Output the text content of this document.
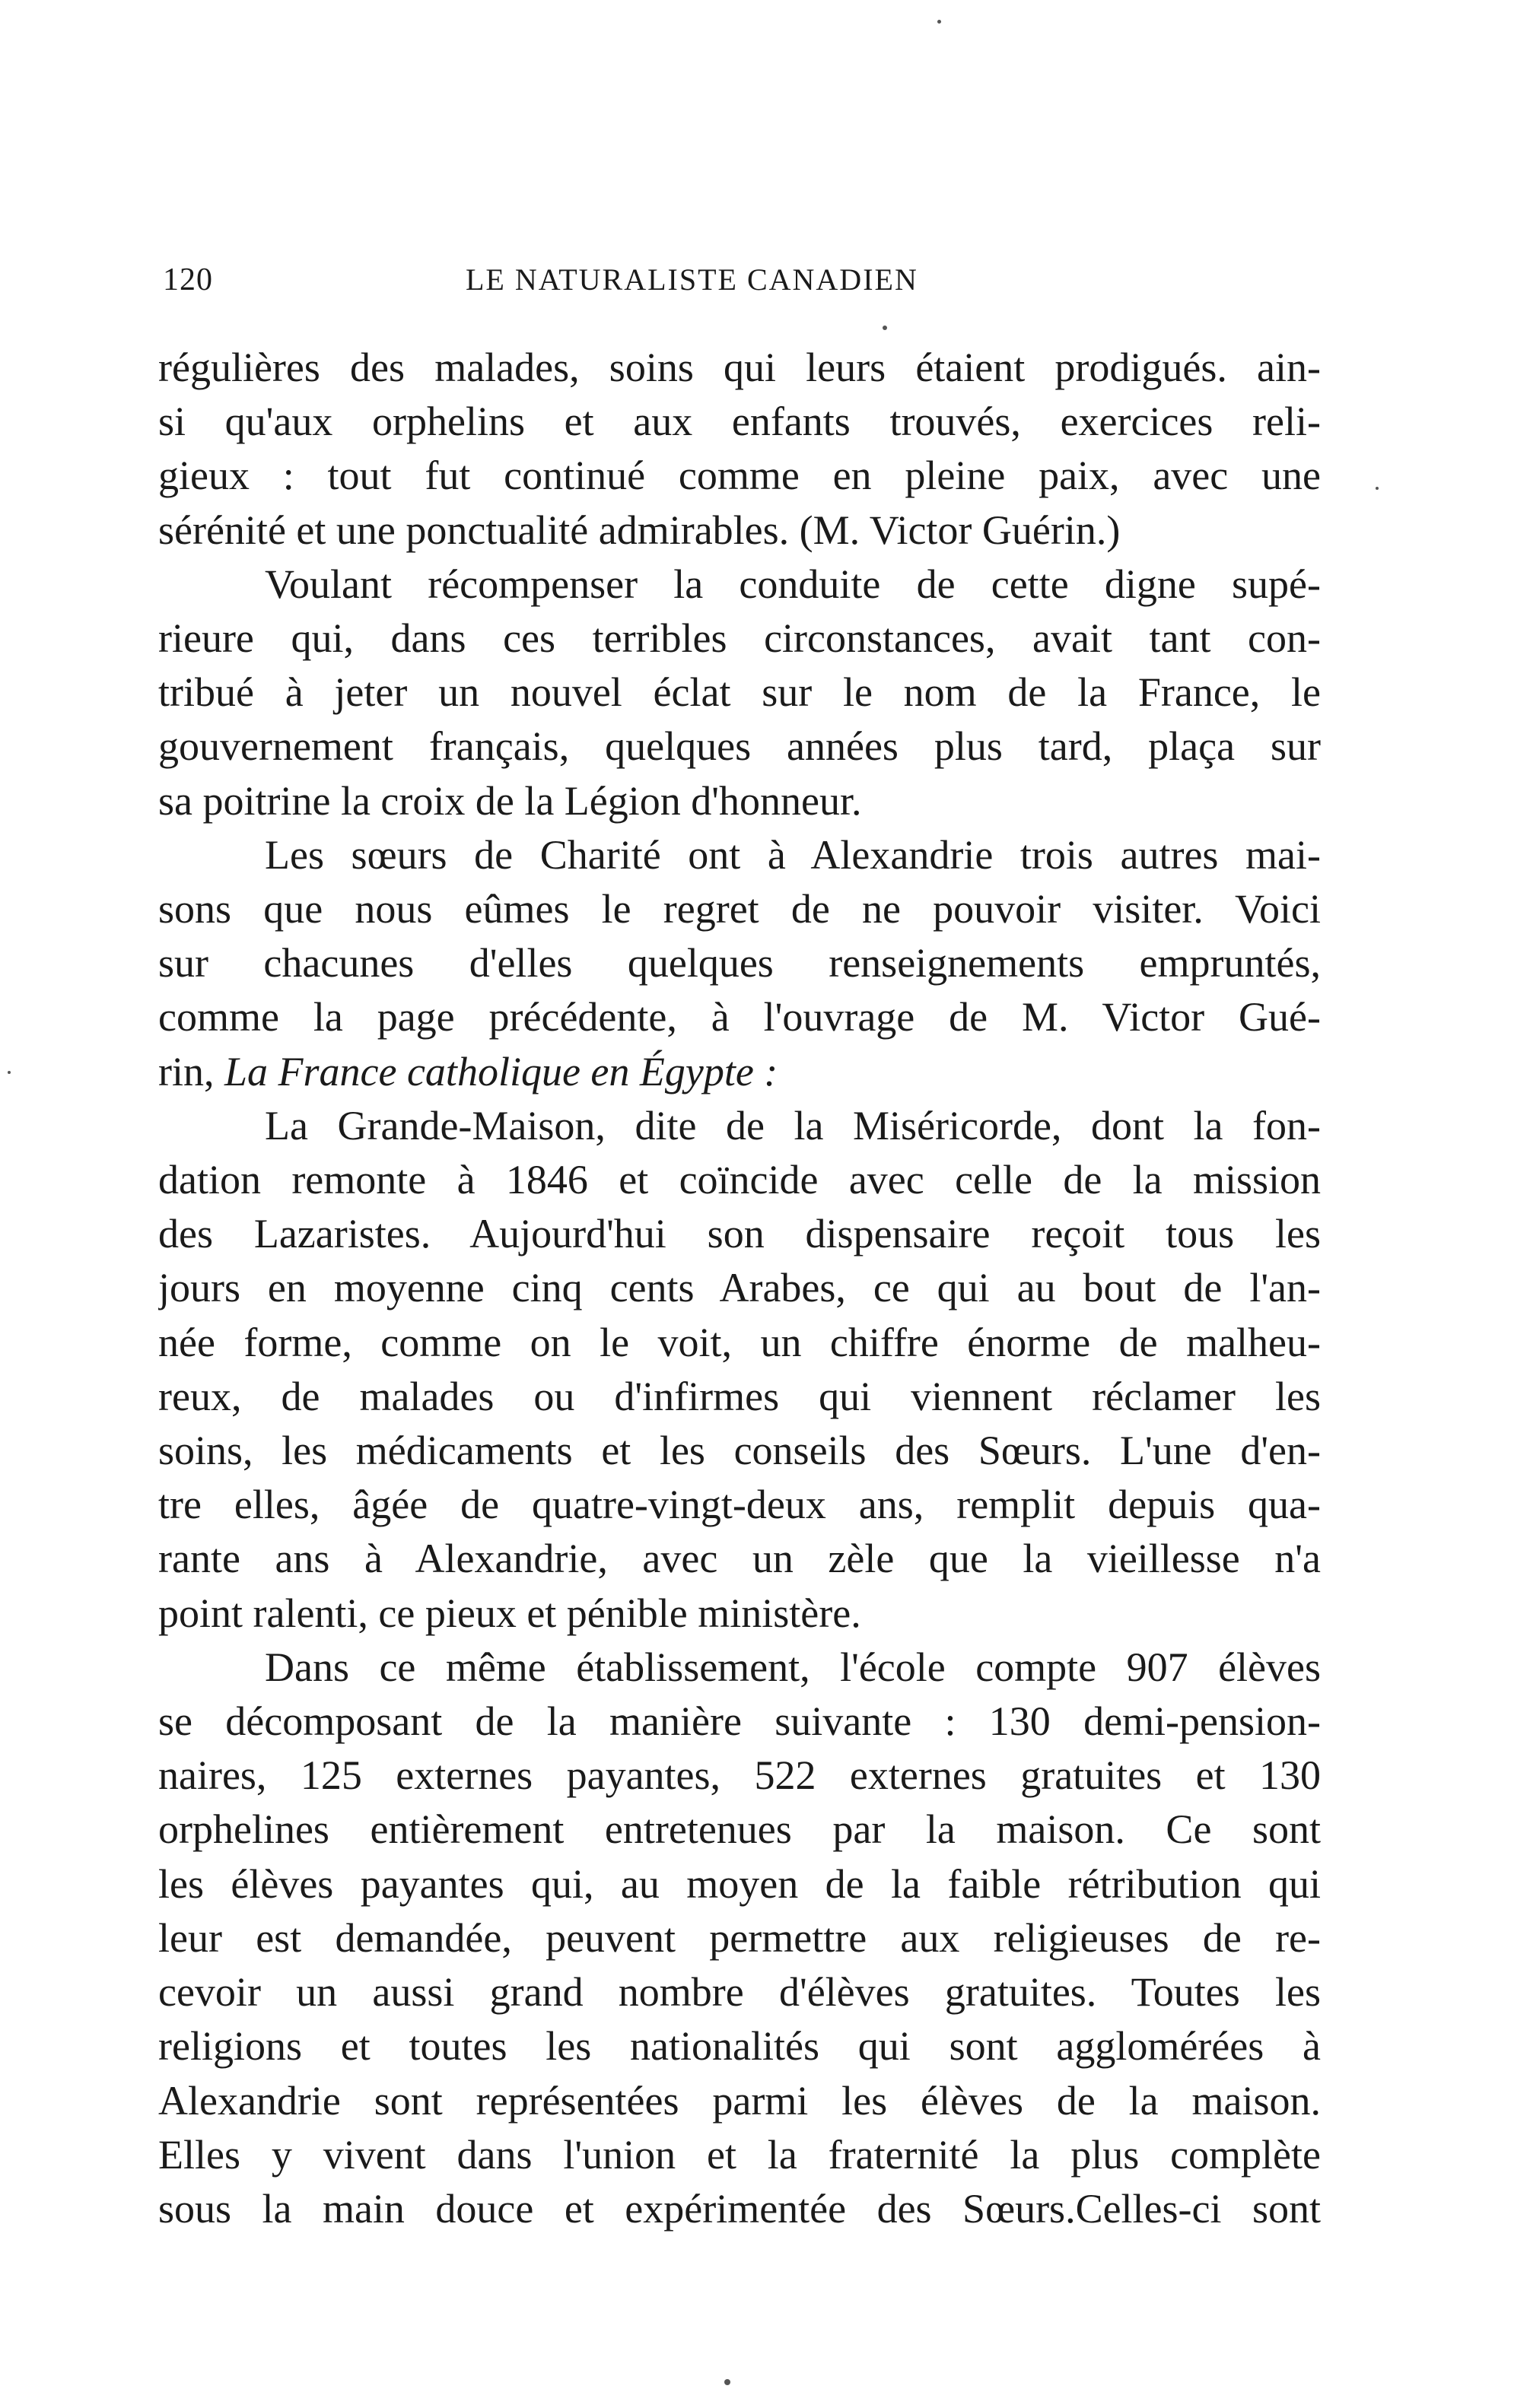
120	LE NATURALISTE CANADIEN

régulières des malades, soins qui leurs étaient prodigués. ain-
si qu'aux orphelins et aux enfants trouvés, exercices reli-
gieux : tout fut continué comme en pleine paix, avec une
sérénité et une ponctualité admirables. (M. Victor Guérin.)

Voulant récompenser la conduite de cette digne supé-
rieure qui, dans ces terribles circonstances, avait tant con-
tribué à jeter un nouvel éclat sur le nom de la France, le
gouvernement français, quelques années plus tard, plaça sur
sa poitrine la croix de la Légion d'honneur.

Les sœurs de Charité ont à Alexandrie trois autres mai-
sons que nous eûmes le regret de ne pouvoir visiter. Voici
sur chacunes d'elles quelques renseignements empruntés,
comme la page précédente, à l'ouvrage de M. Victor Gué-
rin, La France catholique en Égypte :

La Grande-Maison, dite de la Miséricorde, dont la fon-
dation remonte à 1846 et coïncide avec celle de la mission
des Lazaristes. Aujourd'hui son dispensaire reçoit tous les
jours en moyenne cinq cents Arabes, ce qui au bout de l'an-
née forme, comme on le voit, un chiffre énorme de malheu-
reux, de malades ou d'infirmes qui viennent réclamer les
soins, les médicaments et les conseils des Sœurs. L'une d'en-
tre elles, âgée de quatre-vingt-deux ans, remplit depuis qua-
rante ans à Alexandrie, avec un zèle que la vieillesse n'a
point ralenti, ce pieux et pénible ministère.

Dans ce même établissement, l'école compte 907 élèves
se décomposant de la manière suivante : 130 demi-pension-
naires, 125 externes payantes, 522 externes gratuites et 130
orphelines entièrement entretenues par la maison. Ce sont
les élèves payantes qui, au moyen de la faible rétribution qui
leur est demandée, peuvent permettre aux religieuses de re-
cevoir un aussi grand nombre d'élèves gratuites. Toutes les
religions et toutes les nationalités qui sont agglomérées à
Alexandrie sont représentées parmi les élèves de la maison.
Elles y vivent dans l'union et la fraternité la plus complète
sous la main douce et expérimentée des Sœurs.Celles-ci sont
